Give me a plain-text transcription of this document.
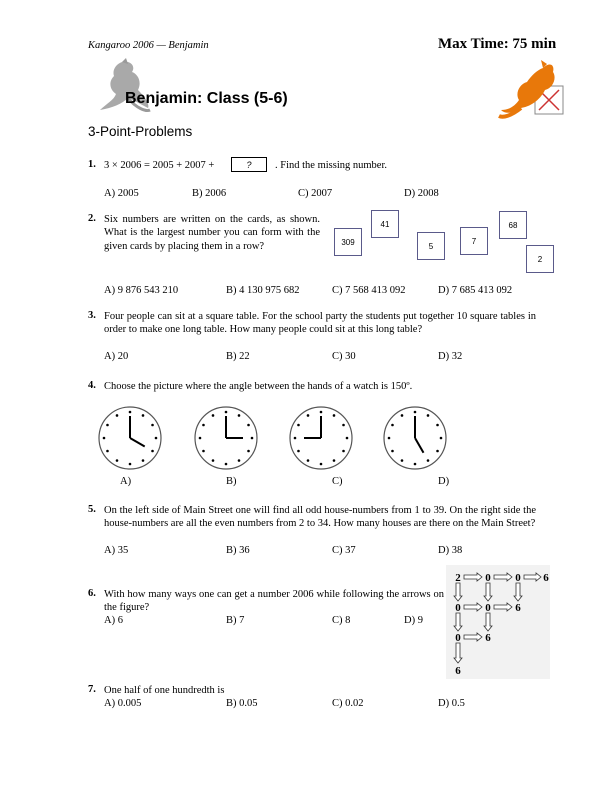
Kangaroo 2006 — Benjamin	Max Time: 75 min
Benjamin: Class (5-6)
3-Point-Problems
1. 3 × 2006 = 2005 + 2007 +	?	. Find the missing number.
A) 2005	B) 2006	C) 2007	D) 2008
2. Six numbers are written on the cards, as shown. What is the largest number you can form with the given cards by placing them in a row?	309
41
5
7
68
2
A) 9 876 543 210	B) 4 130 975 682	C) 7 568 413 092	D) 7 685 413 092
3. Four people can sit at a square table. For the school party the students put together 10 square tables in order to make one long table. How many people could sit at this long table?
A) 20	B) 22	C) 30	D) 32
4. Choose the picture where the angle between the hands of a watch is 150º.
A)	B)	C)	D)
5. On the left side of Main Street one will find all odd house-numbers from 1 to 39. On the right side the house-numbers are all the even numbers from 2 to 34. How many houses are there on the Main Street?
A) 35	B) 36	C) 37	D) 38
6. With how many ways one can get a number 2006 while following the arrows on the figure?
A) 6	B) 7	C) 8	D) 9
2 0 0 6
0 0 6
0 6
6
7. One half of one hundredth is
A) 0.005	B) 0.05	C) 0.02	D) 0.5
